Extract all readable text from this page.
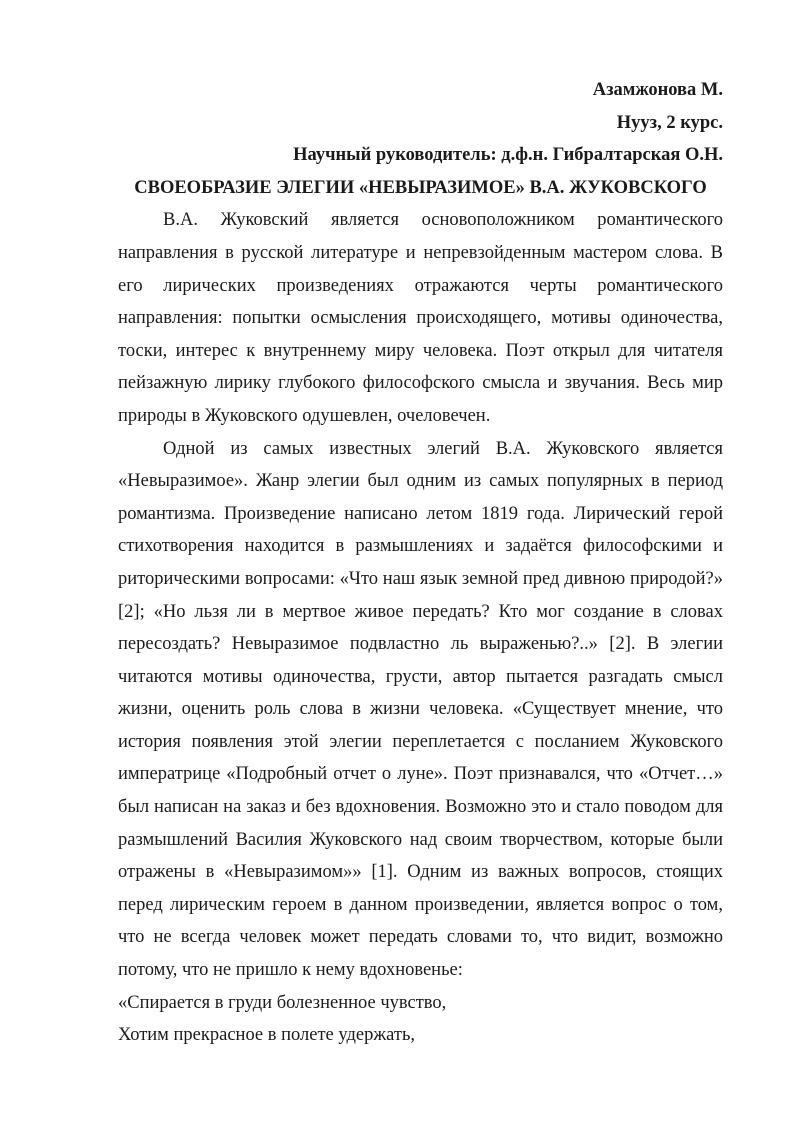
Азамжонова М.
Нууз, 2 курс.
Научный руководитель: д.ф.н. Гибралтарская О.Н.
СВОЕОБРАЗИЕ ЭЛЕГИИ «НЕВЫРАЗИМОЕ» В.А. ЖУКОВСКОГО

В.А. Жуковский является основоположником романтического направления в русской литературе и непревзойденным мастером слова. В его лирических произведениях отражаются черты романтического направления: попытки осмысления происходящего, мотивы одиночества, тоски, интерес к внутреннему миру человека. Поэт открыл для читателя пейзажную лирику глубокого философского смысла и звучания. Весь мир природы в Жуковского одушевлен, очеловечен.

Одной из самых известных элегий В.А. Жуковского является «Невыразимое». Жанр элегии был одним из самых популярных в период романтизма. Произведение написано летом 1819 года. Лирический герой стихотворения находится в размышлениях и задаётся философскими и риторическими вопросами: «Что наш язык земной пред дивною природой?» [2]; «Но льзя ли в мертвое живое передать? Кто мог создание в словах пересоздать? Невыразимое подвластно ль выраженью?..» [2]. В элегии читаются мотивы одиночества, грусти, автор пытается разгадать смысл жизни, оценить роль слова в жизни человека. «Существует мнение, что история появления этой элегии переплетается с посланием Жуковского императрице «Подробный отчет о луне». Поэт признавался, что «Отчет…» был написан на заказ и без вдохновения. Возможно это и стало поводом для размышлений Василия Жуковского над своим творчеством, которые были отражены в «Невыразимом»» [1]. Одним из важных вопросов, стоящих перед лирическим героем в данном произведении, является вопрос о том, что не всегда человек может передать словами то, что видит, возможно потому, что не пришло к нему вдохновенье:

«Спирается в груди болезненное чувство,

Хотим прекрасное в полете удержать,
